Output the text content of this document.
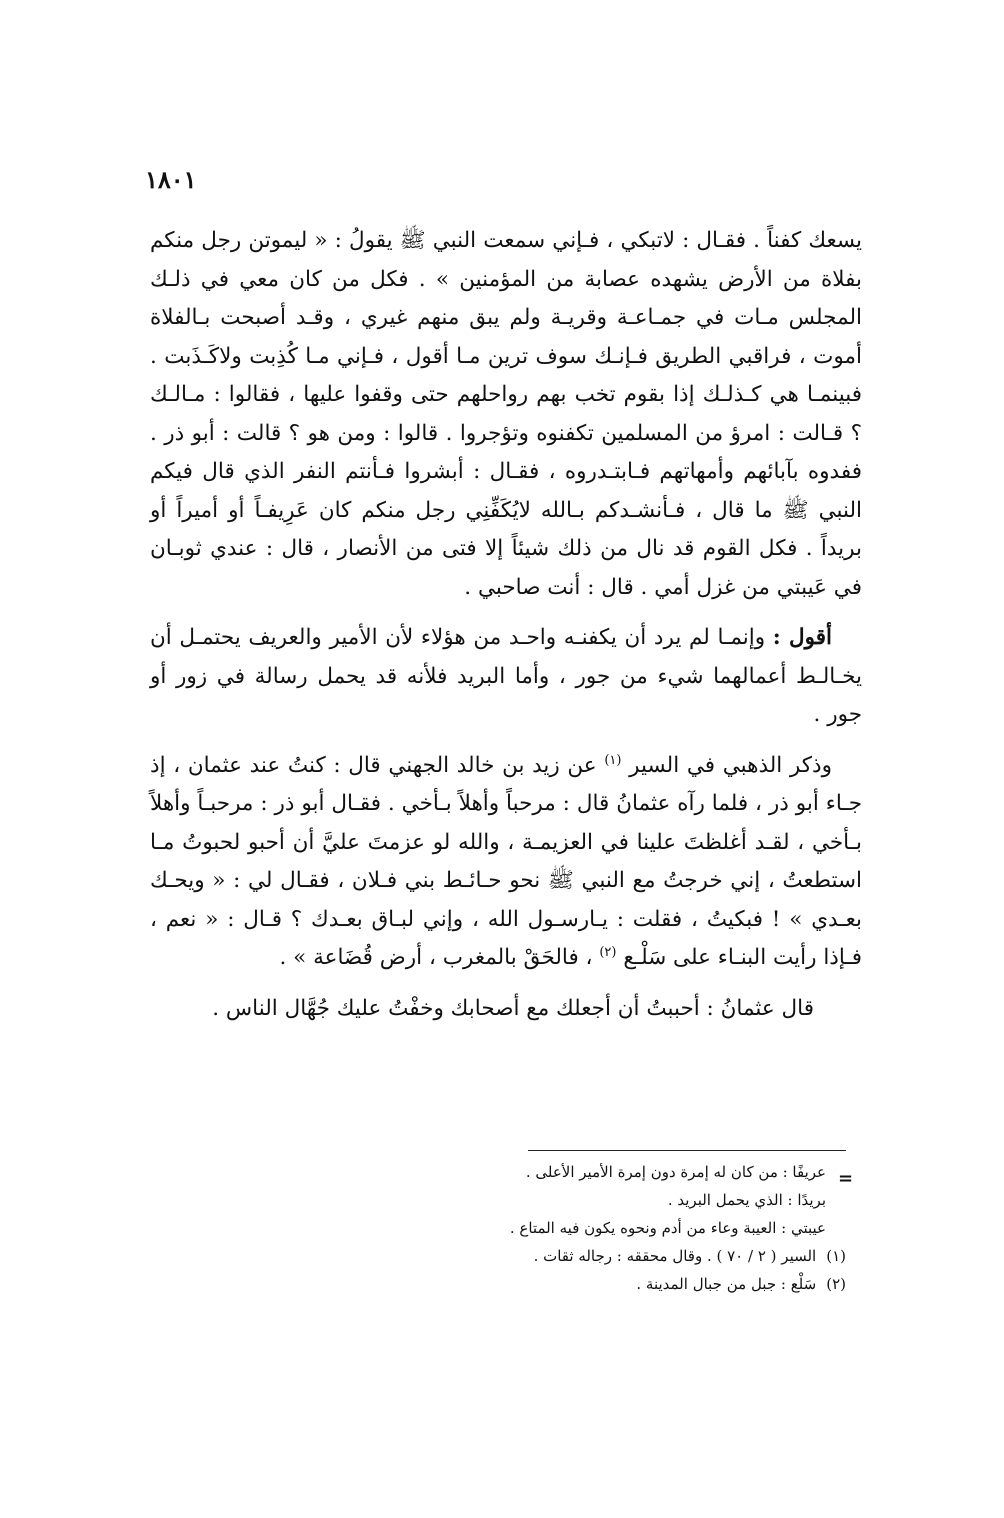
١٨٠١

يسعك كفناً . فقـال : لاتبكي ، فـإني سمعت النبي ﷺ يقولُ : « ليموتن رجل منكم بفلاة من الأرض يشهده عصابة من المؤمنين » . فكل من كان معي في ذلـك المجلس مـات في جمـاعـة وقريـة ولم يبق منهم غيري ، وقـد أصبحت بـالفلاة أموت ، فراقبي الطريق فـإنـك سوف ترين مـا أقول ، فـإني مـا كُذِبت ولاكَـذَبت . فبينمـا هي كـذلـك إذا بقوم تخب بهم رواحلهم حتى وقفوا عليها ، فقالوا : مـالـك ؟ قـالت : امرؤ من المسلمين تكفنوه وتؤجروا . قالوا : ومن هو ؟ قالت : أبو ذر . ففدوه بآبائهم وأمهاتهم فـابتـدروه ، فقـال : أبشروا فـأنتم النفر الذي قال فيكم النبي ﷺ ما قال ، فـأنشـدكم بـالله لايُكَفِّنِي رجل منكم كان عَرِيفـاً أو أميراً أو بريداً . فكل القوم قد نال من ذلك شيئاً إلا فتى من الأنصار ، قال : عندي ثوبـان في عَيبتي من غزل أمي . قال : أنت صاحبي .

أقول : وإنمـا لم يرد أن يكفنـه واحـد من هؤلاء لأن الأمير والعريف يحتمـل أن يخـالـط أعمالهما شيء من جور ، وأما البريد فلأنه قد يحمل رسالة في زور أو جور .

وذكر الذهبي في السير $^{(١)}$ عن زيد بن خالد الجهني قال : كنتُ عند عثمان ، إذ جـاء أبو ذر ، فلما رآه عثمانُ قال : مرحباً وأهلاً بـأخي . فقـال أبو ذر : مرحبـاً وأهلاً بـأخي ، لقـد أغلظتَ علينا في العزيمـة ، والله لو عزمتَ عليَّ أن أحبو لحبوتُ مـا استطعتُ ، إني خرجتُ مع النبي ﷺ نحو حـائـط بني فـلان ، فقـال لي : « ويحـك بعـدي » ! فبكيتُ ، فقلت : يـارسـول الله ، وإني لبـاق بعـدك ؟ قـال : « نعم ، فـإذا رأيت البنـاء على سَلْـع $^{(٢)}$ ، فالحَقْ بالمغرب ، أرض قُضَاعة » .

قال عثمانُ : أحببتُ أن أجعلك مع أصحابك وخفْتُ عليك جُهَّال الناس .

=

عريفًا : من كان له إمرة دون إمرة الأمير الأعلى .

بريدًا : الذي يحمل البريد .

عيبتي : العيبة وعاء من أدم ونحوه يكون فيه المتاع .

(١)السير ( ٢ / ٧٠ ) . وقال محققه : رجاله ثقات .

(٢)سَلْع : جبل من جبال المدينة .
